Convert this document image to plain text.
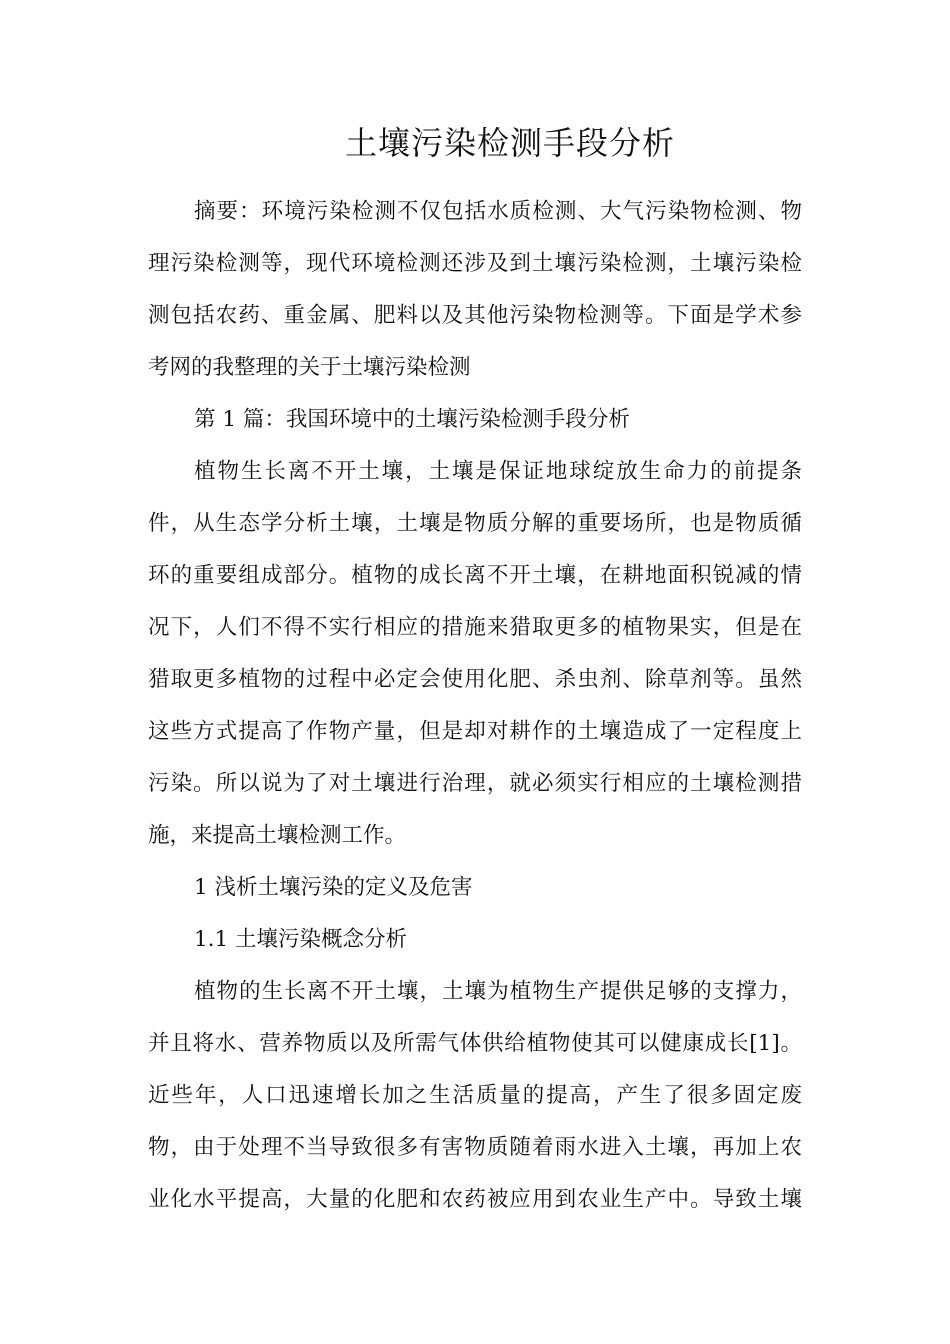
土壤污染检测手段分析
摘要：环境污染检测不仅包括水质检测、大气污染物检测、物
理污染检测等，现代环境检测还涉及到土壤污染检测，土壤污染检
测包括农药、重金属、肥料以及其他污染物检测等。下面是学术参
考网的我整理的关于土壤污染检测
第 1 篇：我国环境中的土壤污染检测手段分析
植物生长离不开土壤，土壤是保证地球绽放生命力的前提条
件，从生态学分析土壤，土壤是物质分解的重要场所，也是物质循
环的重要组成部分。植物的成长离不开土壤，在耕地面积锐减的情
况下，人们不得不实行相应的措施来猎取更多的植物果实，但是在
猎取更多植物的过程中必定会使用化肥、杀虫剂、除草剂等。虽然
这些方式提高了作物产量，但是却对耕作的土壤造成了一定程度上
污染。所以说为了对土壤进行治理，就必须实行相应的土壤检测措
施，来提高土壤检测工作。
1 浅析土壤污染的定义及危害
1.1 土壤污染概念分析
植物的生长离不开土壤，土壤为植物生产提供足够的支撑力，
并且将水、营养物质以及所需气体供给植物使其可以健康成长[1]。
近些年，人口迅速增长加之生活质量的提高，产生了很多固定废
物，由于处理不当导致很多有害物质随着雨水进入土壤，再加上农
业化水平提高，大量的化肥和农药被应用到农业生产中。导致土壤
